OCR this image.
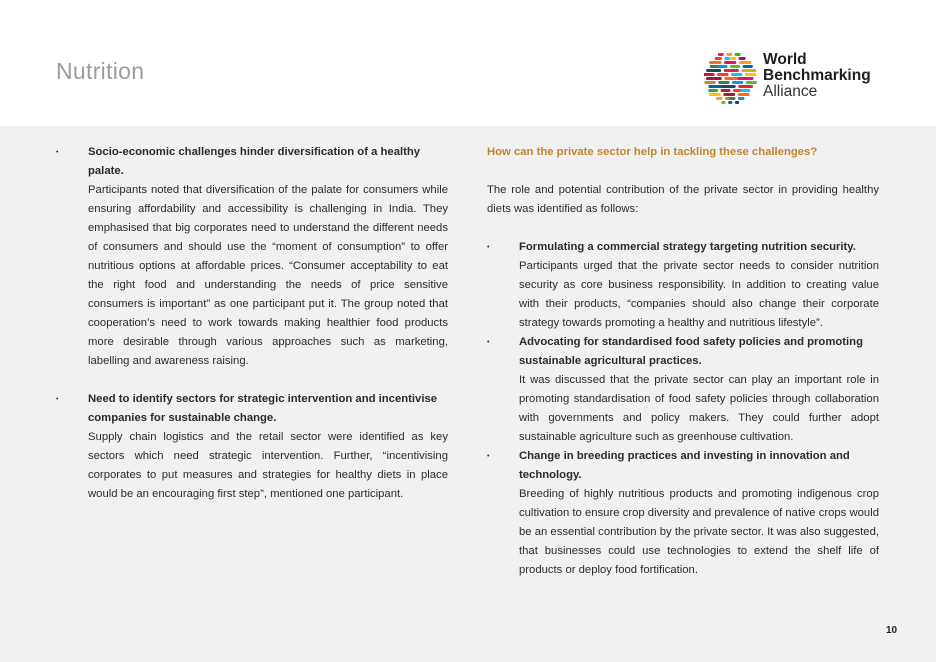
Nutrition	World
Benchmarking
Alliance
•	Socio-economic challenges hinder diversification of a healthy palate.
Participants noted that diversification of the palate for consumers while ensuring affordability and accessibility is challenging in India. They emphasised that big corporates need to understand the different needs of consumers and should use the “moment of consumption” to offer nutritious options at affordable prices. “Consumer acceptability to eat the right food and understanding the needs of price sensitive consumers is important” as one participant put it. The group noted that cooperation’s need to work towards making healthier food products more desirable through various approaches such as marketing, labelling and awareness raising.
•	Need to identify sectors for strategic intervention and incentivise companies for sustainable change.
Supply chain logistics and the retail sector were identified as key sectors which need strategic intervention. Further, “incentivising corporates to put measures and strategies for healthy diets in place would be an encouraging first step”, mentioned one participant.
How can the private sector help in tackling these challenges?
The role and potential contribution of the private sector in providing healthy diets was identified as follows:
•	Formulating a commercial strategy targeting nutrition security.
Participants urged that the private sector needs to consider nutrition security as core business responsibility. In addition to creating value with their products, “companies should also change their corporate strategy towards promoting a healthy and nutritious lifestyle”.
•	Advocating for standardised food safety policies and promoting sustainable agricultural practices.
It was discussed that the private sector can play an important role in promoting standardisation of food safety policies through collaboration with governments and policy makers. They could further adopt sustainable agriculture such as greenhouse cultivation.
•	Change in breeding practices and investing in innovation and technology.
Breeding of highly nutritious products and promoting indigenous crop cultivation to ensure crop diversity and prevalence of native crops would be an essential contribution by the private sector. It was also suggested, that businesses could use technologies to extend the shelf life of products or deploy food fortification.
10
